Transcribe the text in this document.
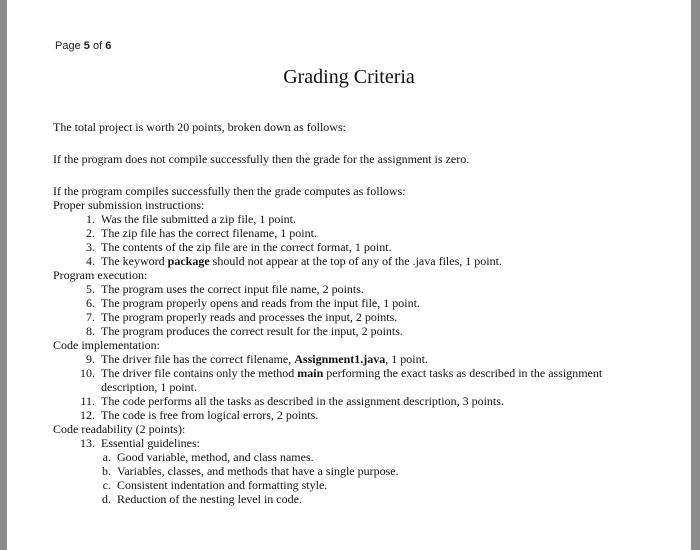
Page 5 of 6
Grading Criteria

The total project is worth 20 points, broken down as follows:

If the program does not compile successfully then the grade for the assignment is zero.

If the program compiles successfully then the grade computes as follows:

Proper submission instructions:

1. Was the file submitted a zip file, 1 point.
2. The zip file has the correct filename, 1 point.
3. The contents of the zip file are in the correct format, 1 point.
4. The keyword package should not appear at the top of any of the .java files, 1 point.

Program execution:

5. The program uses the correct input file name, 2 points.
6. The program properly opens and reads from the input file, 1 point.
7. The program properly reads and processes the input, 2 points.
8. The program produces the correct result for the input, 2 points.

Code implementation:

9. The driver file has the correct filename, Assignment1.java, 1 point.
10. The driver file contains only the method main performing the exact tasks as described in the assignment
description, 1 point.
11. The code performs all the tasks as described in the assignment description, 3 points.
12. The code is free from logical errors, 2 points.

Code readability (2 points):

13. Essential guidelines:
a. Good variable, method, and class names.
b. Variables, classes, and methods that have a single purpose.
c. Consistent indentation and formatting style.
d. Reduction of the nesting level in code.
